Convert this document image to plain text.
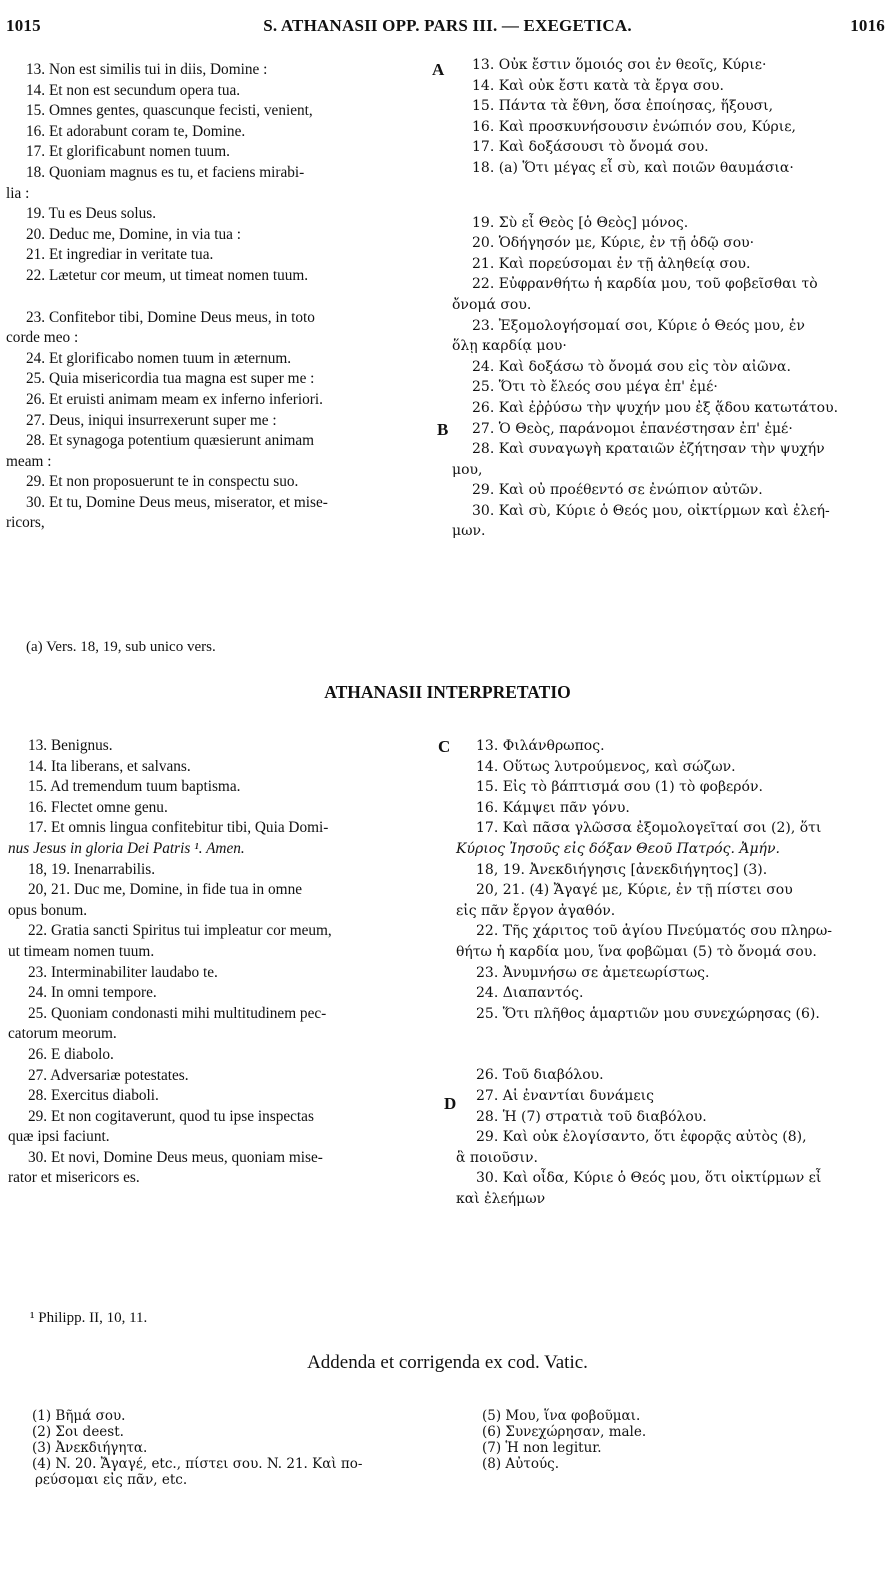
1015	S. ATHANASII OPP. PARS III. — EXEGETICA.	1016
A
B
C
D

13. Non est similis tui in diis, Domine :

14. Et non est secundum opera tua.

15. Omnes gentes, quascunque fecisti, venient,

16. Et adorabunt coram te, Domine.

17. Et glorificabunt nomen tuum.

18. Quoniam magnus es tu, et faciens mirabi-

lia :

19. Tu es Deus solus.

20. Deduc me, Domine, in via tua :

21. Et ingrediar in veritate tua.

22. Lætetur cor meum, ut timeat nomen tuum.

23. Confitebor tibi, Domine Deus meus, in toto

corde meo :

24. Et glorificabo nomen tuum in æternum.

25. Quia misericordia tua magna est super me :

26. Et eruisti animam meam ex inferno inferiori.

27. Deus, iniqui insurrexerunt super me :

28. Et synagoga potentium quæsierunt animam

meam :

29. Et non proposuerunt te in conspectu suo.

30. Et tu, Domine Deus meus, miserator, et mise-

ricors,

(a) Vers. 18, 19, sub unico vers.

13. Οὐκ ἔστιν ὅμοιός σοι ἐν θεοῖς, Κύριε·

14. Καὶ οὐκ ἔστι κατὰ τὰ ἔργα σου.

15. Πάντα τὰ ἔθνη, ὅσα ἐποίησας, ἥξουσι,

16. Καὶ προσκυνήσουσιν ἐνώπιόν σου, Κύριε,

17. Καὶ δοξάσουσι τὸ ὄνομά σου.

18. (a) Ὅτι μέγας εἶ σὺ, καὶ ποιῶν θαυμάσια·

19. Σὺ εἶ Θεὸς [ὁ Θεὸς] μόνος.

20. Ὁδήγησόν με, Κύριε, ἐν τῇ ὁδῷ σου·

21. Καὶ πορεύσομαι ἐν τῇ ἀληθείᾳ σου.

22. Εὐφρανθήτω ἡ καρδία μου, τοῦ φοβεῖσθαι τὸ

ὄνομά σου.

23. Ἐξομολογήσομαί σοι, Κύριε ὁ Θεός μου, ἐν

ὅλῃ καρδίᾳ μου·

24. Καὶ δοξάσω τὸ ὄνομά σου εἰς τὸν αἰῶνα.

25. Ὅτι τὸ ἔλεός σου μέγα ἐπ' ἐμέ·

26. Καὶ ἐῤῥύσω τὴν ψυχήν μου ἐξ ᾅδου κατωτάτου.

27. Ὁ Θεὸς, παράνομοι ἐπανέστησαν ἐπ' ἐμέ·

28. Καὶ συναγωγὴ κραταιῶν ἐζήτησαν τὴν ψυχήν

μου,

29. Καὶ οὐ προέθεντό σε ἐνώπιον αὐτῶν.

30. Καὶ σὺ, Κύριε ὁ Θεός μου, οἰκτίρμων καὶ ἐλεή-

μων.

ATHANASII INTERPRETATIO

13. Benignus.

14. Ita liberans, et salvans.

15. Ad tremendum tuum baptisma.

16. Flectet omne genu.

17. Et omnis lingua confitebitur tibi, Quia Domi-

nus Jesus in gloria Dei Patris ¹. Amen.

18, 19. Inenarrabilis.

20, 21. Duc me, Domine, in fide tua in omne

opus bonum.

22. Gratia sancti Spiritus tui impleatur cor meum,

ut timeam nomen tuum.

23. Interminabiliter laudabo te.

24. In omni tempore.

25. Quoniam condonasti mihi multitudinem pec-

catorum meorum.

26. E diabolo.

27. Adversariæ potestates.

28. Exercitus diaboli.

29. Et non cogitaverunt, quod tu ipse inspectas

quæ ipsi faciunt.

30. Et novi, Domine Deus meus, quoniam mise-

rator et misericors es.

13. Φιλάνθρωπος.

14. Οὕτως λυτρούμενος, καὶ σώζων.

15. Εἰς τὸ βάπτισμά σου (1) τὸ φοβερόν.

16. Κάμψει πᾶν γόνυ.

17. Καὶ πᾶσα γλῶσσα ἐξομολογεῖταί σοι (2), ὅτι

Κύριος Ἰησοῦς εἰς δόξαν Θεοῦ Πατρός. Ἀμήν.

18, 19. Ἀνεκδιήγησις [ἀνεκδιήγητος] (3).

20, 21. (4) Ἄγαγέ με, Κύριε, ἐν τῇ πίστει σου

εἰς πᾶν ἔργον ἀγαθόν.

22. Τῆς χάριτος τοῦ ἁγίου Πνεύματός σου πληρω-

θήτω ἡ καρδία μου, ἵνα φοβῶμαι (5) τὸ ὄνομά σου.

23. Ἀνυμνήσω σε ἀμετεωρίστως.

24. Διαπαντός.

25. Ὅτι πλῆθος ἁμαρτιῶν μου συνεχώρησας (6).

26. Τοῦ διαβόλου.

27. Αἱ ἐναντίαι δυνάμεις

28. Ἡ (7) στρατιὰ τοῦ διαβόλου.

29. Καὶ οὐκ ἐλογίσαντο, ὅτι ἐφορᾷς αὐτὸς (8),

ἃ ποιοῦσιν.

30. Καὶ οἶδα, Κύριε ὁ Θεός μου, ὅτι οἰκτίρμων εἶ

καὶ ἐλεήμων

¹ Philipp. II, 10, 11.
Addenda et corrigenda ex cod. Vatic.

(1) Βῆμά σου.

(2) Σοι deest.

(3) Ἀνεκδιήγητα.

(4) N. 20. Ἄγαγέ, etc., πίστει σου. N. 21. Καὶ πο-

ρεύσομαι εἰς πᾶν, etc.

(5) Μου, ἵνα φοβοῦμαι.

(6) Συνεχώρησαν, male.

(7) Ἡ non legitur.

(8) Αὐτούς.
